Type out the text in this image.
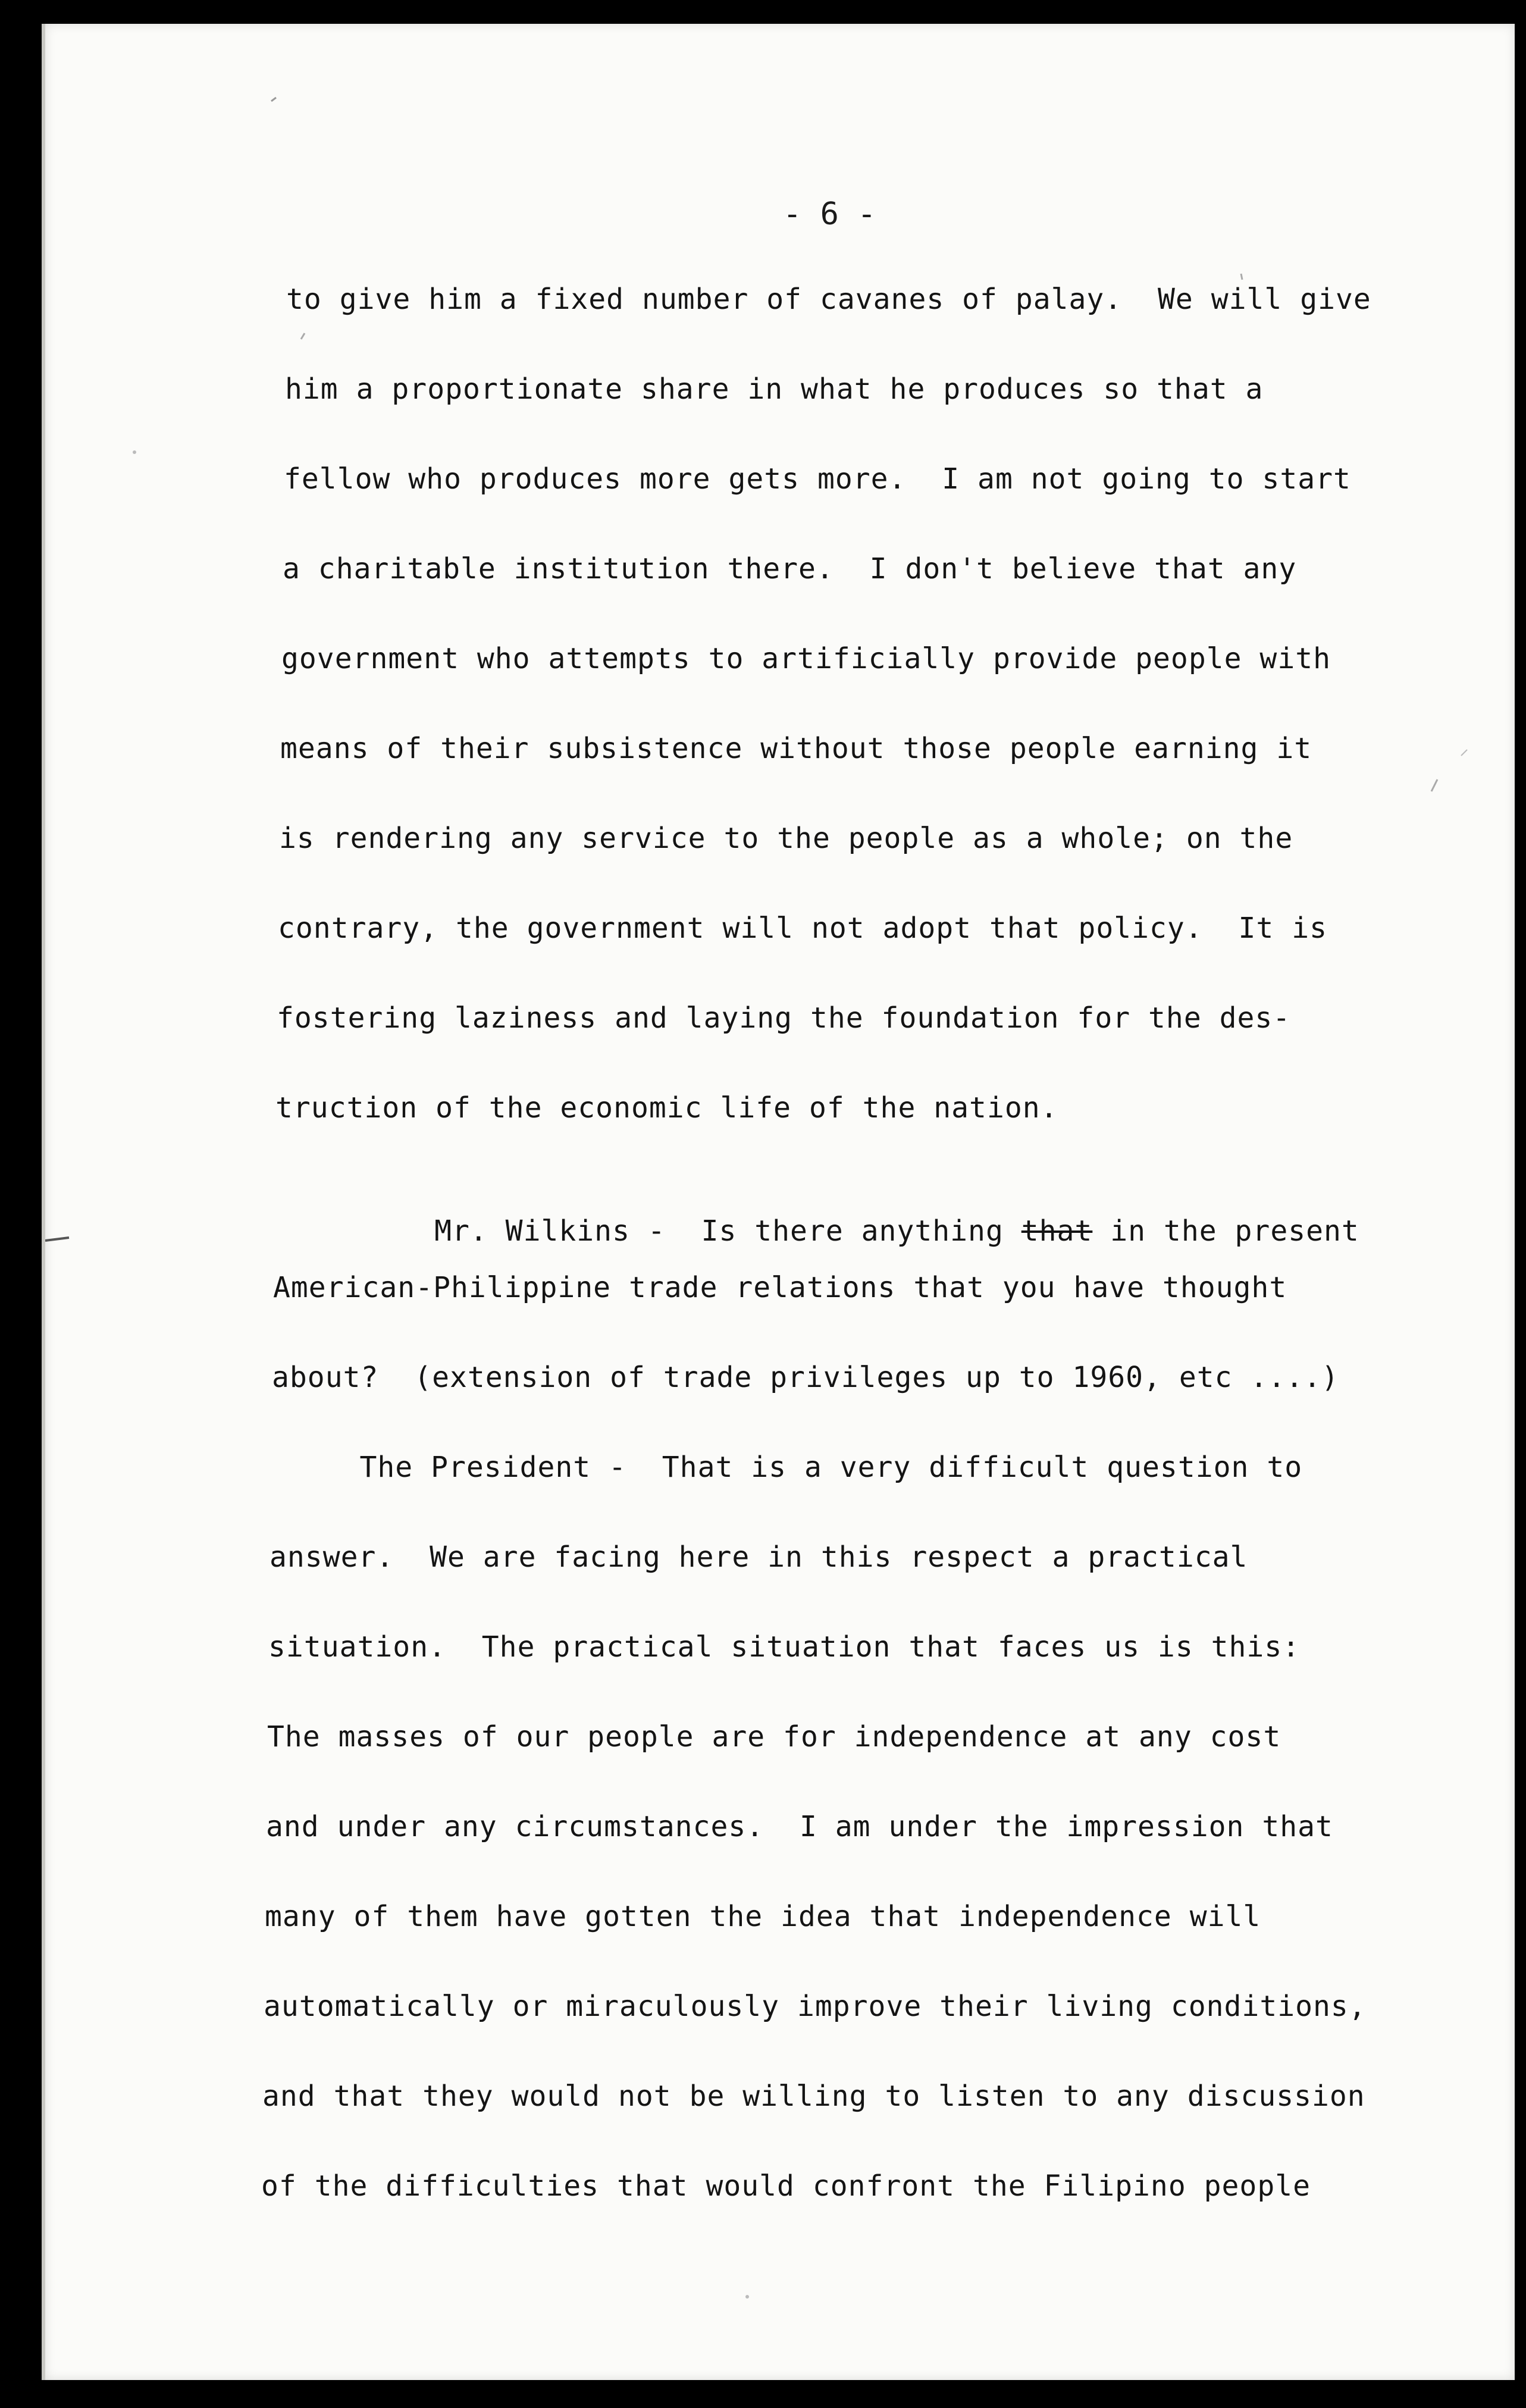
- 6 -
to give him a fixed number of cavanes of palay.  We will give
him a proportionate share in what he produces so that a
fellow who produces more gets more.  I am not going to start
a charitable institution there.  I don't believe that any
government who attempts to artificially provide people with
means of their subsistence without those people earning it
is rendering any service to the people as a whole; on the
contrary, the government will not adopt that policy.  It is
fostering laziness and laying the foundation for the des-
truction of the economic life of the nation.

Mr. Wilkins -  Is there anything that in the present

American-Philippine trade relations that you have thought
about?  (extension of trade privileges up to 1960, etc ....)
The President -  That is a very difficult question to
answer.  We are facing here in this respect a practical
situation.  The practical situation that faces us is this:
The masses of our people are for independence at any cost
and under any circumstances.  I am under the impression that
many of them have gotten the idea that independence will
automatically or miraculously improve their living conditions,
and that they would not be willing to listen to any discussion
of the difficulties that would confront the Filipino people
